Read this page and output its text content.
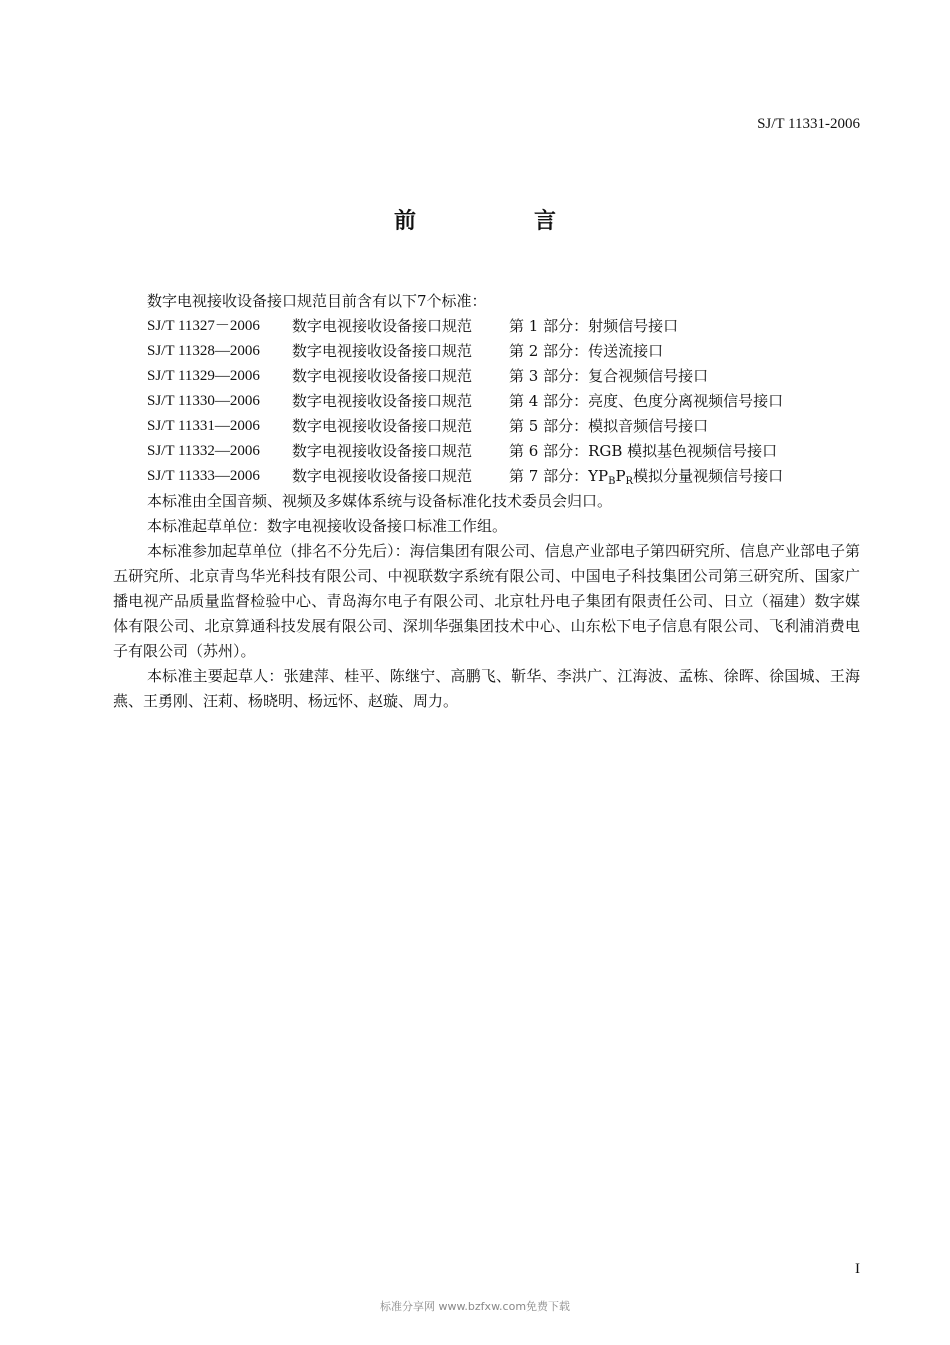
SJ/T 11331-2006
前　言
数字电视接收设备接口规范目前含有以下7个标准：
SJ/T 11327－2006	数字电视接收设备接口规范	第 1 部分：射频信号接口
SJ/T 11328—2006	数字电视接收设备接口规范	第 2 部分：传送流接口
SJ/T 11329—2006	数字电视接收设备接口规范	第 3 部分：复合视频信号接口
SJ/T 11330—2006	数字电视接收设备接口规范	第 4 部分：亮度、色度分离视频信号接口
SJ/T 11331—2006	数字电视接收设备接口规范	第 5 部分：模拟音频信号接口
SJ/T 11332—2006	数字电视接收设备接口规范	第 6 部分：RGB 模拟基色视频信号接口
SJ/T 11333—2006	数字电视接收设备接口规范	第 7 部分：$YP_BP_R$模拟分量视频信号接口
本标准由全国音频、视频及多媒体系统与设备标准化技术委员会归口。
本标准起草单位：数字电视接收设备接口标准工作组。
本标准参加起草单位（排名不分先后）：海信集团有限公司、信息产业部电子第四研究所、信息产业部电子第五研究所、北京青鸟华光科技有限公司、中视联数字系统有限公司、中国电子科技集团公司第三研究所、国家广播电视产品质量监督检验中心、青岛海尔电子有限公司、北京牡丹电子集团有限责任公司、日立（福建）数字媒体有限公司、北京算通科技发展有限公司、深圳华强集团技术中心、山东松下电子信息有限公司、飞利浦消费电子有限公司（苏州）。
本标准主要起草人：张建萍、桂平、陈继宁、高鹏飞、靳华、李洪广、江海波、孟栋、徐晖、徐国城、王海燕、王勇刚、汪莉、杨晓明、杨远怀、赵璇、周力。
I
标准分享网 www.bzfxw.com免费下载
